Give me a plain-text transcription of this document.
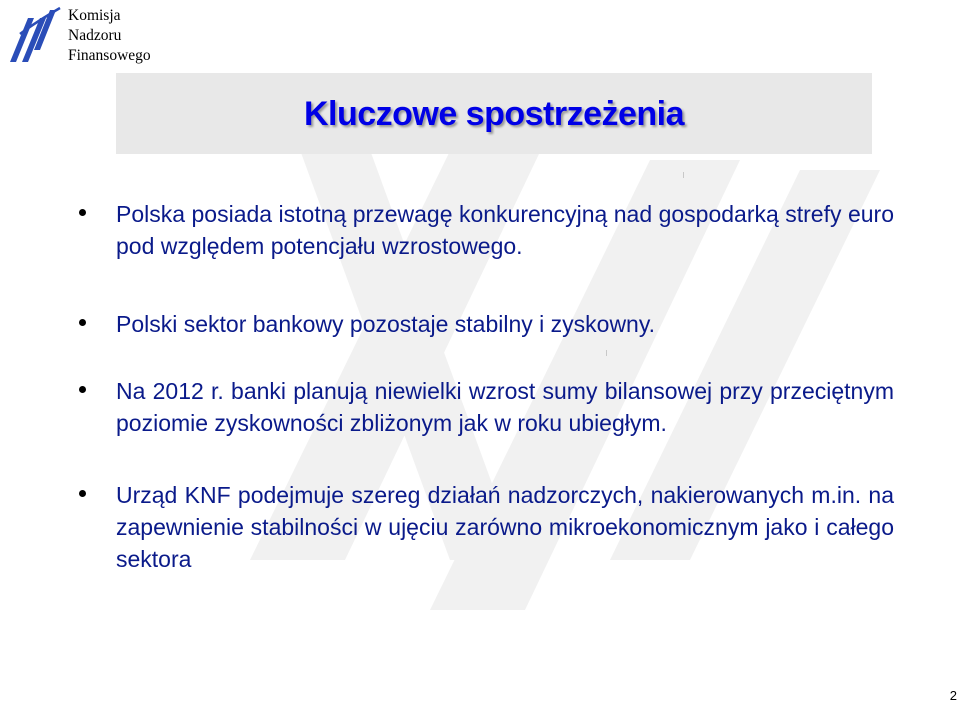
Komisja
Nadzoru
Finansowego
Kluczowe spostrzeżenia
Polska posiada istotną przewagę konkurencyjną nad gospodarką strefy euro pod względem potencjału wzrostowego.
Polski sektor bankowy pozostaje stabilny i zyskowny.
Na 2012 r. banki planują niewielki wzrost sumy bilansowej przy przeciętnym poziomie zyskowności zbliżonym jak w roku ubiegłym.
Urząd KNF podejmuje szereg działań nadzorczych, nakierowanych m.in. na zapewnienie stabilności w ujęciu zarówno mikroekonomicznym jako i całego sektora
2
